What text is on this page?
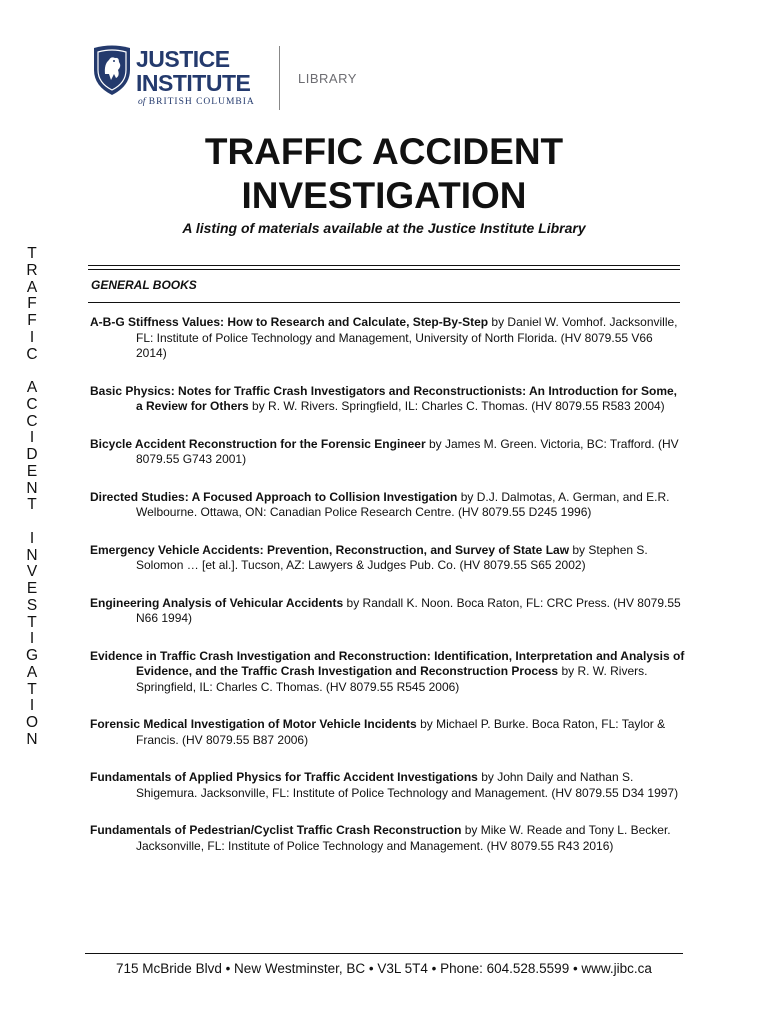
JUSTICE
INSTITUTE
of BRITISH COLUMBIA
LIBRARY
TRAFFIC ACCIDENT
INVESTIGATION
A listing of materials available at the Justice Institute Library
T
R
A
F
F
I
C
A
C
C
I
D
E
N
T
I
N
V
E
S
T
I
G
A
T
I
O
N
GENERAL BOOKS

A-B-G Stiffness Values: How to Research and Calculate, Step-By-Step by Daniel W. Vomhof. Jacksonville, FL: Institute of Police Technology and Management, University of North Florida. (HV 8079.55 V66 2014)

Basic Physics: Notes for Traffic Crash Investigators and Reconstructionists: An Introduction for Some, a Review for Others by R. W. Rivers. Springfield, IL: Charles C. Thomas. (HV 8079.55 R583 2004)

Bicycle Accident Reconstruction for the Forensic Engineer by James M. Green. Victoria, BC: Trafford. (HV 8079.55 G743 2001)

Directed Studies: A Focused Approach to Collision Investigation by D.J. Dalmotas, A. German, and E.R. Welbourne. Ottawa, ON: Canadian Police Research Centre. (HV 8079.55 D245 1996)

Emergency Vehicle Accidents: Prevention, Reconstruction, and Survey of State Law by Stephen S. Solomon … [et al.]. Tucson, AZ: Lawyers & Judges Pub. Co. (HV 8079.55 S65 2002)

Engineering Analysis of Vehicular Accidents by Randall K. Noon. Boca Raton, FL: CRC Press. (HV 8079.55 N66 1994)

Evidence in Traffic Crash Investigation and Reconstruction: Identification, Interpretation and Analysis of Evidence, and the Traffic Crash Investigation and Reconstruction Process by R. W. Rivers. Springfield, IL: Charles C. Thomas. (HV 8079.55 R545 2006)

Forensic Medical Investigation of Motor Vehicle Incidents by Michael P. Burke. Boca Raton, FL: Taylor & Francis. (HV 8079.55 B87 2006)

Fundamentals of Applied Physics for Traffic Accident Investigations by John Daily and Nathan S. Shigemura. Jacksonville, FL: Institute of Police Technology and Management. (HV 8079.55 D34 1997)

Fundamentals of Pedestrian/Cyclist Traffic Crash Reconstruction by Mike W. Reade and Tony L. Becker. Jacksonville, FL: Institute of Police Technology and Management. (HV 8079.55 R43 2016)

715 McBride Blvd • New Westminster, BC • V3L 5T4 • Phone: 604.528.5599 • www.jibc.ca
